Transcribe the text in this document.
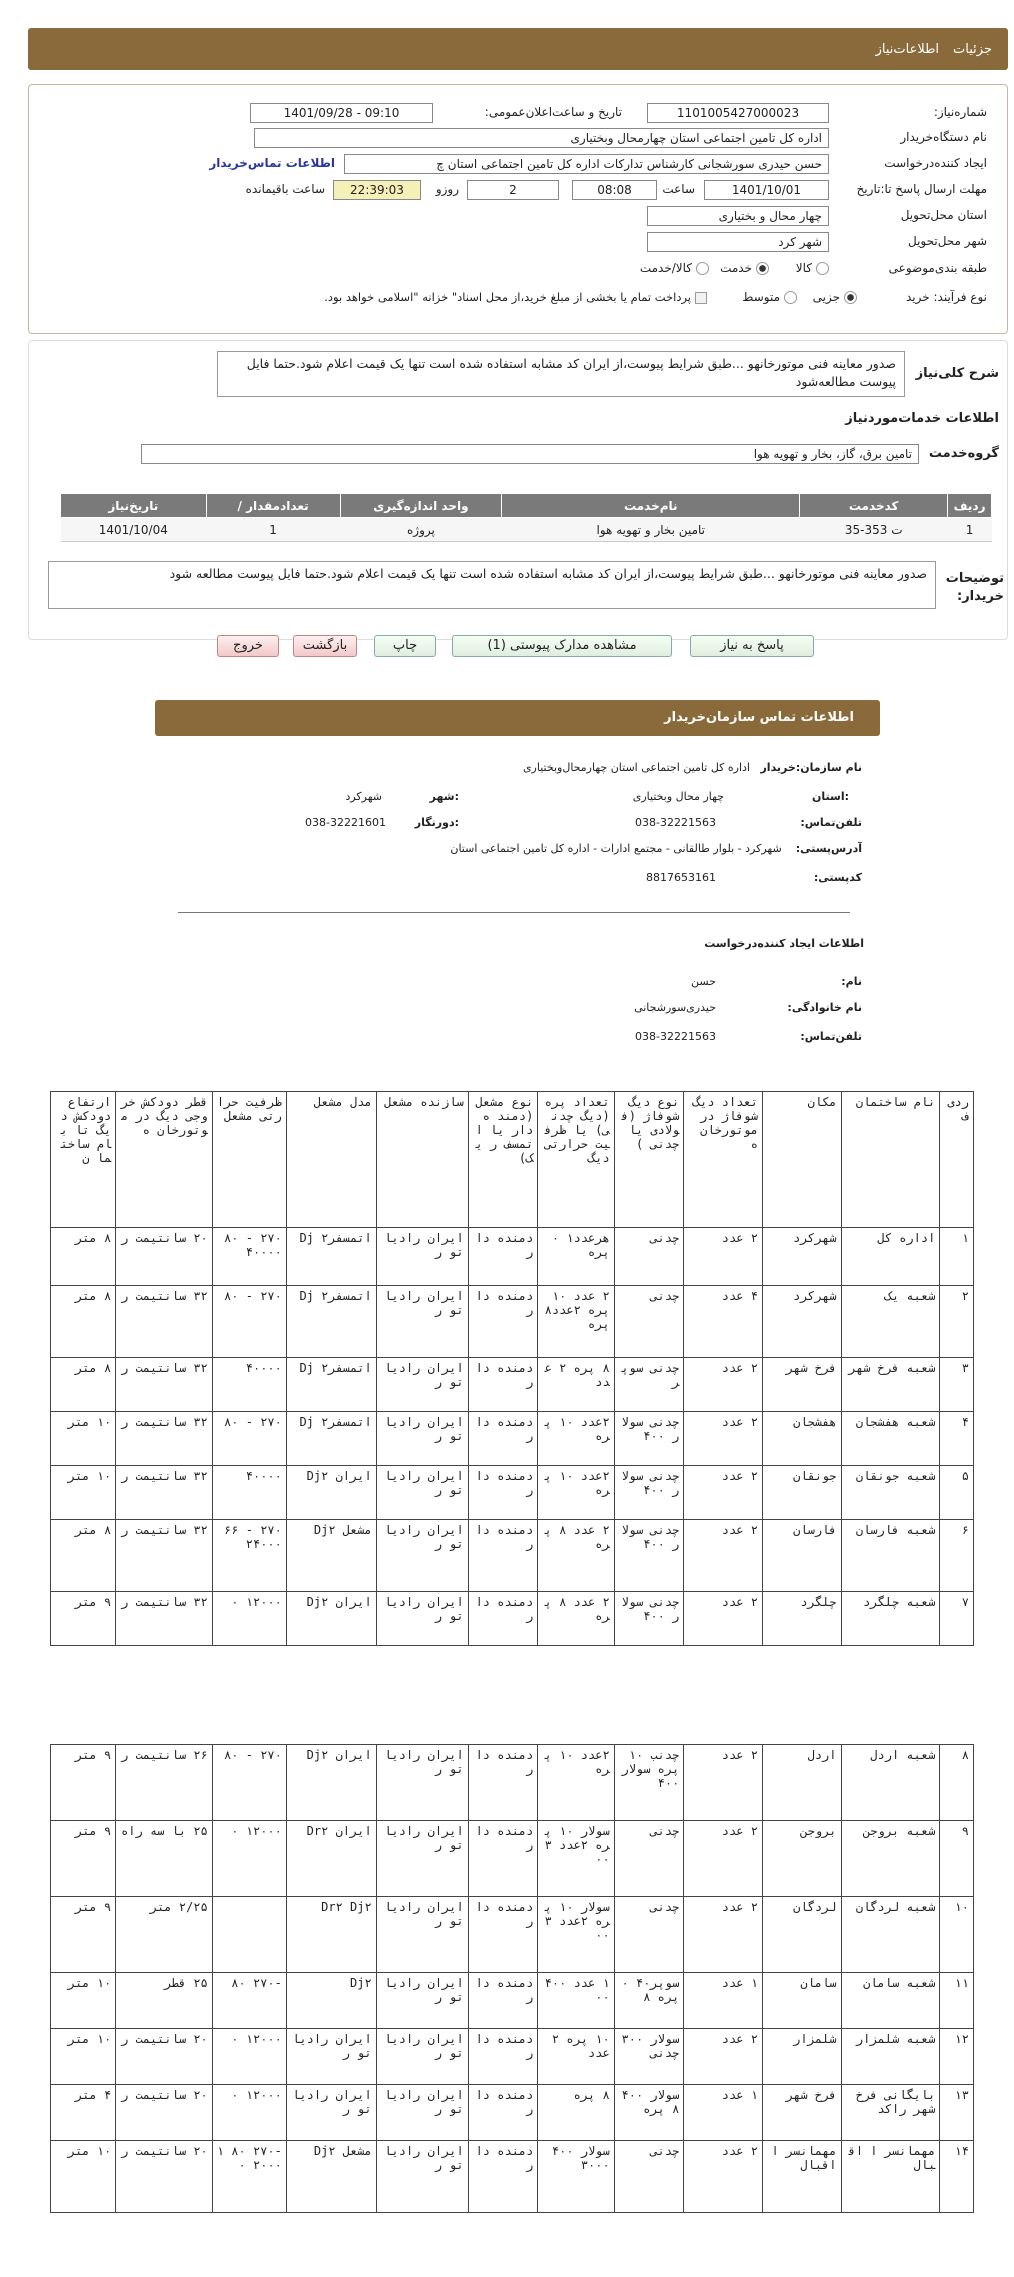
جزئیات
اطلاعات‌نیاز
شماره‌نیاز:
1101005427000023
تاریخ و ساعت‌اعلان‌عمومی:
1401/09/28 - 09:10
نام دستگاه‌خریدار
اداره کل تامین اجتماعی استان چهارمحال وبختیاری
ایجاد کننده‌درخواست
حسن حیدری سورشجانی کارشناس تدارکات اداره کل تامین اجتماعی استان چ
اطلاعات تماس‌خریدار
مهلت ارسال پاسخ تا:تاریخ
1401/10/01
ساعت
08:08
2
روزو
22:39:03
ساعت باقیمانده
استان محل‌تحویل
چهار محال و بختیاری
شهر محل‌تحویل
شهر کرد
طبقه بندی‌موضوعی
کالا
خدمت
کالا/خدمت
نوع فرآیند: خرید
جزیی
متوسط
پرداخت تمام یا بخشی از مبلغ خرید،از محل اسناد" خزانه "اسلامی خواهد بود.
شرح کلی‌نیاز
صدور معاینه فنی موتورخانهو ...طبق شرایط پیوست،از ایران کد مشابه استفاده شده است تنها یک قیمت اعلام شود.حتما فایل پیوست مطالعه‌شود
اطلاعات خدمات‌موردنیاز
گروه‌خدمت
تامین برق، گاز، بخار و تهویه هوا
ردیف	کدخدمت	نام‌خدمت	واحد اندازه‌گیری	تعداد‌مقدار /	تاریخ‌نیاز
1	ت 353-35	تامین بخار و تهویه هوا	پروژه	1	1401/10/04
توضیحات خریدار:
صدور معاینه فنی موتورخانهو ...طبق شرایط پیوست،از ایران کد مشابه استفاده شده است تنها یک قیمت اعلام شود.حتما فایل پیوست مطالعه شود
پاسخ به نیاز
مشاهده مدارک پیوستی (1)
چاپ
بازگشت
خروج
اطلاعات تماس سازمان‌خریدار
نام سازمان‌:خریدار   اداره کل تامین اجتماعی استان چهارمحال‌وبختیاری
:استان
چهار محال وبختیاری
:شهر
شهرکرد
تلفن‌تماس:
038-32221563
:دورنگار
038-32221601
آدرس‌پستی:    شهرکرد - بلوار طالقانی - مجتمع ادارات - اداره کل تامین اجتماعی استان
کدپستی:
8817653161
اطلاعات ایجاد کننده‌درخواست
نام:
حسن
نام خانوادگی:
حیدری‌سورشجانی
تلفن‌تماس:
038-32221563
ردی ف	نام ساختمان	مکان	تعداد دیگ شوفاژ در موتورخان ه	نوع دیگ شوفاژ (فولادی یا چدنی )	تعداد پره (دیگ چدنی) یا ظرفیت حرارتی دیگ	نوع مشعل (دمند ه دار یا اتمسف ر یک)	سازنده مشعل	مدل مشعل	ظرفیت حرارتی مشعل	قطر دودکش خروجی دیگ در موتورخان ه	ارتفاع دودکش دیگ تا بام ساختما ن
۱	اداره کل	شهرکرد	۲ عدد	چدنی	هرعدد۱ ۰ پره	دمنده دار	ایران رادیاتو ر	اتمسفرDj ۲	۲۷۰ - ۸۰ ۴۰۰۰۰	۲۰ سانتیمت ر	۸ متر
۲	شعبه یک	شهرکرد	۴ عدد	چدنی	۲ عدد ۱۰ پره ۲عدد۸ پره	دمنده دار	ایران رادیاتو ر	اتمسفرDj ۲	۲۷۰ - ۸۰	۳۲ سانتیمت ر	۸ متر
۳	شعبه فرخ شهر	فرخ شهر	۲ عدد	چدنی سوپر	۸ پره ۲ عدد	دمنده دار	ایران رادیاتو ر	اتمسفرDj ۲	۴۰۰۰۰	۳۲ سانتیمت ر	۸ متر
۴	شعبه هفشجان	هفشجان	۲ عدد	چدنی سولار ۴۰۰	۲عدد ۱۰ پره	دمنده دار	ایران رادیاتو ر	اتمسفرDj ۲	۲۷۰ - ۸۰	۳۲ سانتیمت ر	۱۰ متر
۵	شعبه جونقان	جونقان	۲ عدد	چدنی سولار ۴۰۰	۲عدد ۱۰ پره	دمنده دار	ایران رادیاتو ر	ایران Dj۲	۴۰۰۰۰	۳۲ سانتیمت ر	۱۰ متر
۶	شعبه فارسان	فارسان	۲ عدد	چدنی سولار ۴۰۰	۲ عدد ۸ پره	دمنده دار	ایران رادیاتو ر	مشعل Dj۲	۲۷۰ - ۶۶ ۲۴۰۰۰	۳۲ سانتیمت ر	۸ متر
۷	شعبه چلگرد	چلگرد	۲ عدد	چدنی سولار ۴۰۰	۲ عدد ۸ پره	دمنده دار	ایران رادیاتو ر	ایران Dj۲	۱۲۰۰۰ ۰	۳۲ سانتیمت ر	۹ متر
۸	شعبه اردل	اردل	۲ عدد	چدنب ۱۰ پره سولار ۴۰۰	۲عدد ۱۰ پره	دمنده دار	ایران رادیاتو ر	ایران Dj۲	۲۷۰ - ۸۰	۲۶ سانتیمت ر	۹ متر
۹	شعبه بروجن	بروجن	۲ عدد	چدنی	سولار ۱۰ پره ۲عدد ۳۰۰	دمنده دار	ایران رادیاتو ر	ایران Dr۲	۱۲۰۰۰ ۰	۲۵ با سه راه	۹ متر
۱۰	شعبه لردگان	لردگان	۲ عدد	چدنی	سولار ۱۰ پره ۲عدد ۳۰۰	دمنده دار	ایران رادیاتو ر	Dr۲ Dj۲		۲/۲۵ متر	۹ متر
۱۱	شعبه سامان	سامان	۱ عدد	سوپر۴۰ ۰ پره ۸	۱ عدد ۴۰۰۰۰	دمنده دار	ایران رادیاتو ر	Dj۲	-۲۷۰ ۸۰	۲۵ قطر	۱۰ متر
۱۲	شعبه شلمزار	شلمزار	۲ عدد	سولار ۳۰۰ چدنی	۱۰ پره ۲ عدد	دمنده دار	ایران رادیاتو ر	ایران رادیاتو ر	۱۲۰۰۰ ۰	۲۰ سانتیمت ر	۱۰ متر
۱۳	بایگانی فرخ شهر راکد	فرخ شهر	۱ عدد	سولار ۴۰۰ ۸ پره	۸ پره	دمنده دار	ایران رادیاتو ر	ایران رادیاتو ر	۱۲۰۰۰ ۰	۲۰ سانتیمت ر	۴ متر
۱۴	مهمانسر ا اقبال	مهمانسر ا اقبال	۲ عدد	چدنی	سولار ۴۰۰ ۳۰۰۰	دمنده دار	ایران رادیاتو ر	مشعل Dj۲	-۲۷۰ ۸۰ ۱۲۰۰۰ ۰	۲۰ سانتیمت ر	۱۰ متر
